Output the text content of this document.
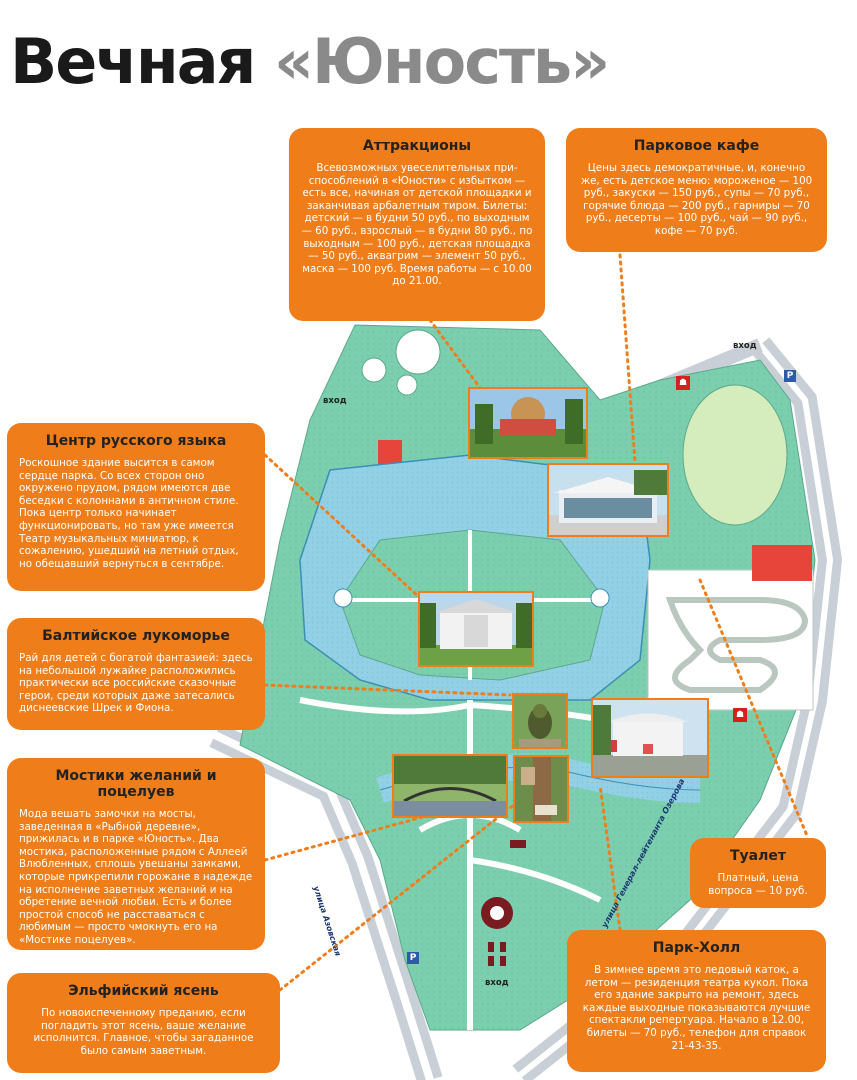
Вечная «Юность»
вход
вход
вход
P
P
☗
☗
улица Азовская	улица Генерал-лейтенанта Озерова
Аттракционы

Всевозможных увеселительных при-способлений в «Юности» с избытком — есть все, начиная от детской площадки и заканчивая арбалетным тиром. Билеты: детский — в будни 50 руб., по выходным — 60 руб., взрослый — в будни 80 руб., по выходным — 100 руб., детская площадка — 50 руб., аквагрим — элемент 50 руб., маска — 100 руб. Время работы — с 10.00 до 21.00.

Парковое кафе

Цены здесь демократичные, и, конечно же, есть детское меню: мороженое — 100 руб., закуски — 150 руб., супы — 70 руб., горячие блюда — 200 руб., гарниры — 70 руб., десерты — 100 руб., чай — 90 руб., кофе — 70 руб.

Центр русского языка

Роскошное здание высится в самом сердце парка. Со всех сторон оно окружено прудом, рядом имеются две беседки с колоннами в античном стиле. Пока центр только начинает функционировать, но там уже имеется Театр музыкальных миниатюр, к сожалению, ушедший на летний отдых, но обещавший вернуться в сентябре.

Балтийское лукоморье

Рай для детей с богатой фантазией: здесь на небольшой лужайке расположились практически все российские сказочные герои, среди которых даже затесались диснеевские Шрек и Фиона.

Мостики желаний и поцелуев

Мода вешать замочки на мосты, заведенная в «Рыбной деревне», прижилась и в парке «Юность». Два мостика, расположенные рядом с Аллеей Влюбленных, сплошь увешаны замками, которые прикрепили горожане в надежде на исполнение заветных желаний и на обретение вечной любви. Есть и более простой способ не расставаться с любимым — просто чмокнуть его на «Мостике поцелуев».

Эльфийский ясень

По новоиспеченному преданию, если погладить этот ясень, ваше желание исполнится. Главное, чтобы загаданное было самым заветным.

Туалет

Платный, цена вопроса — 10 руб.

Парк-Холл

В зимнее время это ледовый каток, а летом — резиденция театра кукол. Пока его здание закрыто на ремонт, здесь каждые выходные показываются лучшие спектакли репертуара. Начало в 12.00, билеты — 70 руб., телефон для справок 21-43-35.
